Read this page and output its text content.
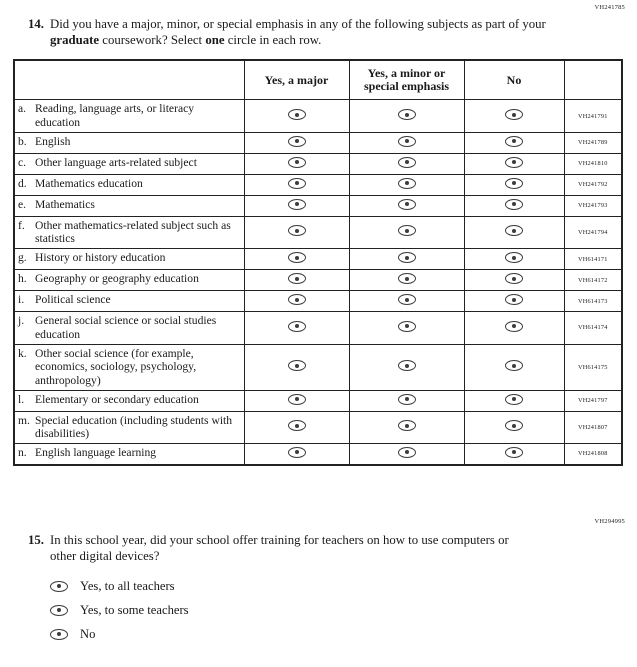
VH241785
14. Did you have a major, minor, or special emphasis in any of the following subjects as part of your graduate coursework? Select one circle in each row.
	Yes, a major	Yes, a minor or special emphasis	No	
a. Reading, language arts, or literacy education				VH241791
b. English				VH241789
c. Other language arts-related subject				VH241810
d. Mathematics education				VH241792
e. Mathematics				VH241793
f. Other mathematics-related subject such as statistics				VH241794
g. History or history education				VH614171
h. Geography or geography education				VH614172
i. Political science				VH614173
j. General social science or social studies education				VH614174
k. Other social science (for example, economics, sociology, psychology, anthropology)				VH614175
l. Elementary or secondary education				VH241797
m. Special education (including students with disabilities)				VH241807
n. English language learning				VH241808
VH294995
15. In this school year, did your school offer training for teachers on how to use computers or other digital devices?
Yes, to all teachers
Yes, to some teachers
No
